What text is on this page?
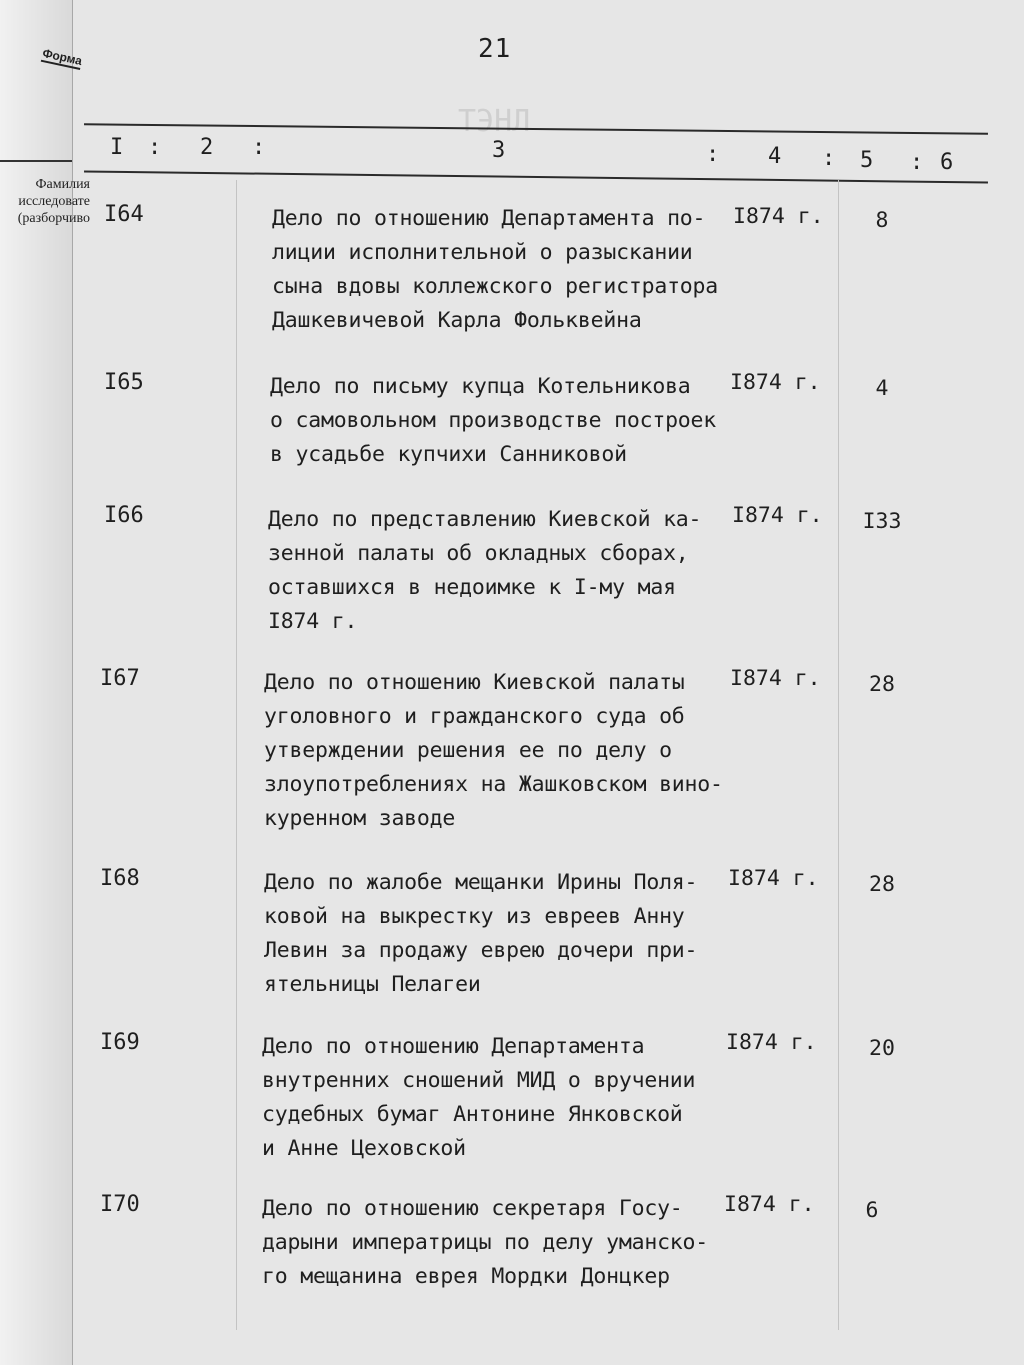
Форма
Фамилия
исследовате
(разборчиво
21
ТЭНЛ
I : 2 :	3	: 4 : 5 : 6
I64	Дело по отношению Департамента по-
лиции исполнительной о разыскании
сына вдовы коллежского регистратора
Дашкевичевой Карла Фольквейна
I874 г.	8
I65	Дело по письму купца Котельникова
о самовольном производстве построек
в усадьбе купчихи Санниковой
I874 г.	4
I66	Дело по представлению Киевской ка-
зенной палаты об окладных сборах,
оставшихся в недоимке к I-му мая
I874 г.
I874 г.	I33
I67	Дело по отношению Киевской палаты
уголовного и гражданского суда об
утверждении решения ее по делу о
злоупотреблениях на Жашковском вино-
куренном заводе
I874 г.	28
I68	Дело по жалобе мещанки Ирины Поля-
ковой на выкрестку из евреев Анну
Левин за продажу еврею дочери при-
ятельницы Пелагеи
I874 г.	28
I69	Дело по отношению Департамента
внутренних сношений МИД о вручении
судебных бумаг Антонине Янковской
и Анне Цеховской
I874 г.	20
I70	Дело по отношению секретаря Госу-
дарыни императрицы по делу уманско-
го мещанина еврея Мордки Донцкер
I874 г.	6
